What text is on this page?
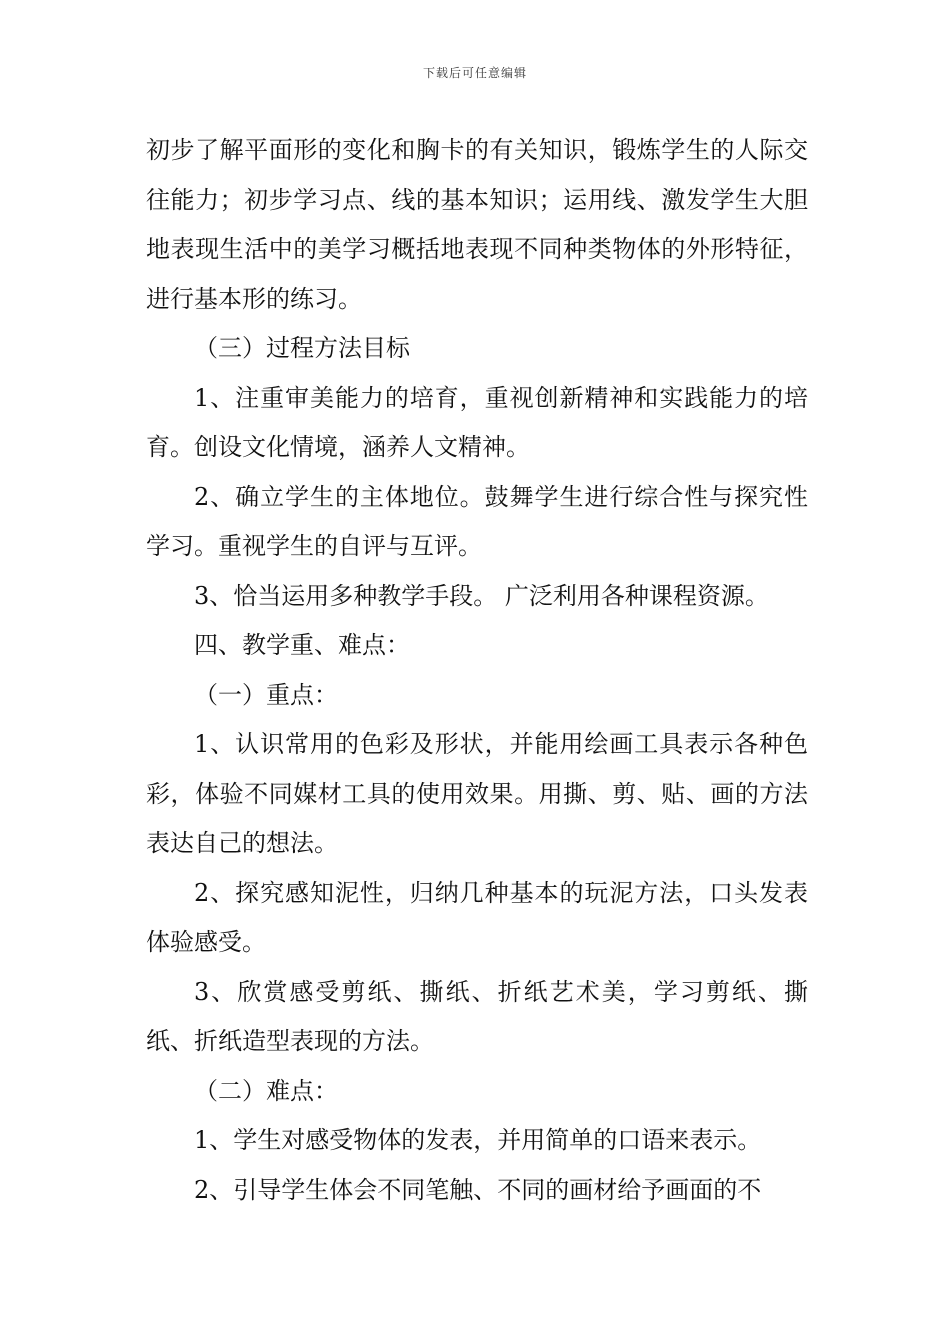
下载后可任意编辑

初步了解平面形的变化和胸卡的有关知识，锻炼学生的人际交往能力；初步学习点、线的基本知识；运用线、激发学生大胆地表现生活中的美学习概括地表现不同种类物体的外形特征，进行基本形的练习。

（三）过程方法目标

1、注重审美能力的培育，重视创新精神和实践能力的培育。创设文化情境，涵养人文精神。

2、确立学生的主体地位。鼓舞学生进行综合性与探究性学习。重视学生的自评与互评。

3、恰当运用多种教学手段。 广泛利用各种课程资源。

四、教学重、难点：

（一）重点：

1、认识常用的色彩及形状，并能用绘画工具表示各种色彩，体验不同媒材工具的使用效果。用撕、剪、贴、画的方法表达自己的想法。

2、探究感知泥性，归纳几种基本的玩泥方法，口头发表体验感受。

3、欣赏感受剪纸、撕纸、折纸艺术美，学习剪纸、撕纸、折纸造型表现的方法。

（二）难点：

1、学生对感受物体的发表，并用简单的口语来表示。

2、引导学生体会不同笔触、不同的画材给予画面的不
